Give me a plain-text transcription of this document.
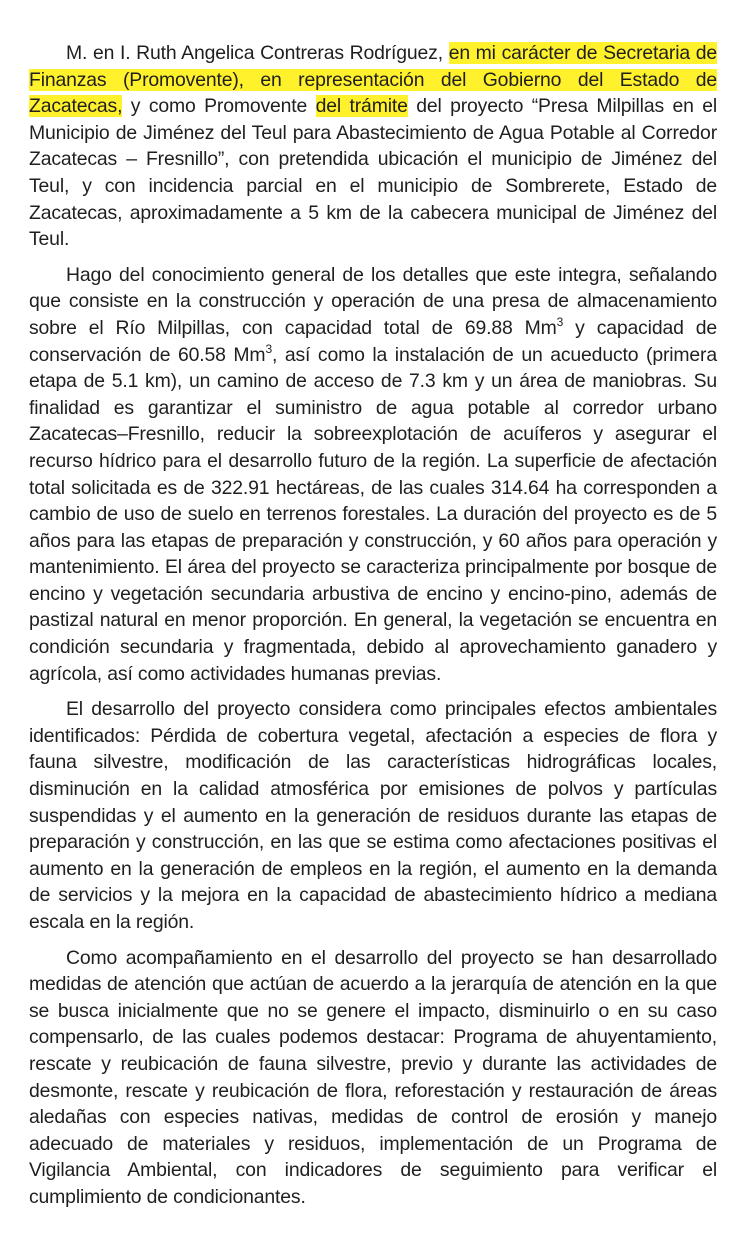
M. en I. Ruth Angelica Contreras Rodríguez, en mi carácter de Secretaria de Finanzas (Promovente), en representación del Gobierno del Estado de Zacatecas, y como Promovente del trámite del proyecto “Presa Milpillas en el Municipio de Jiménez del Teul para Abastecimiento de Agua Potable al Corredor Zacatecas – Fresnillo”, con pretendida ubicación el municipio de Jiménez del Teul, y con incidencia parcial en el municipio de Sombrerete, Estado de Zacatecas, aproximadamente a 5 km de la cabecera municipal de Jiménez del Teul.

Hago del conocimiento general de los detalles que este integra, señalando que consiste en la construcción y operación de una presa de almacenamiento sobre el Río Milpillas, con capacidad total de 69.88 Mm$^3$ y capacidad de conservación de 60.58 Mm$^3$, así como la instalación de un acueducto (primera etapa de 5.1 km), un camino de acceso de 7.3 km y un área de maniobras. Su finalidad es garantizar el suministro de agua potable al corredor urbano Zacatecas–Fresnillo, reducir la sobreexplotación de acuíferos y asegurar el recurso hídrico para el desarrollo futuro de la región. La superficie de afectación total solicitada es de 322.91 hectáreas, de las cuales 314.64 ha corresponden a cambio de uso de suelo en terrenos forestales. La duración del proyecto es de 5 años para las etapas de preparación y construcción, y 60 años para operación y mantenimiento. El área del proyecto se caracteriza principalmente por bosque de encino y vegetación secundaria arbustiva de encino y encino-pino, además de pastizal natural en menor proporción. En general, la vegetación se encuentra en condición secundaria y fragmentada, debido al aprovechamiento ganadero y agrícola, así como actividades humanas previas.

El desarrollo del proyecto considera como principales efectos ambientales identificados: Pérdida de cobertura vegetal, afectación a especies de flora y fauna silvestre, modificación de las características hidrográficas locales, disminución en la calidad atmosférica por emisiones de polvos y partículas suspendidas y el aumento en la generación de residuos durante las etapas de preparación y construcción, en las que se estima como afectaciones positivas el aumento en la generación de empleos en la región, el aumento en la demanda de servicios y la mejora en la capacidad de abastecimiento hídrico a mediana escala en la región.

Como acompañamiento en el desarrollo del proyecto se han desarrollado medidas de atención que actúan de acuerdo a la jerarquía de atención en la que se busca inicialmente que no se genere el impacto, disminuirlo o en su caso compensarlo, de las cuales podemos destacar: Programa de ahuyentamiento, rescate y reubicación de fauna silvestre, previo y durante las actividades de desmonte, rescate y reubicación de flora, reforestación y restauración de áreas aledañas con especies nativas, medidas de control de erosión y manejo adecuado de materiales y residuos, implementación de un Programa de Vigilancia Ambiental, con indicadores de seguimiento para verificar el cumplimiento de condicionantes.
